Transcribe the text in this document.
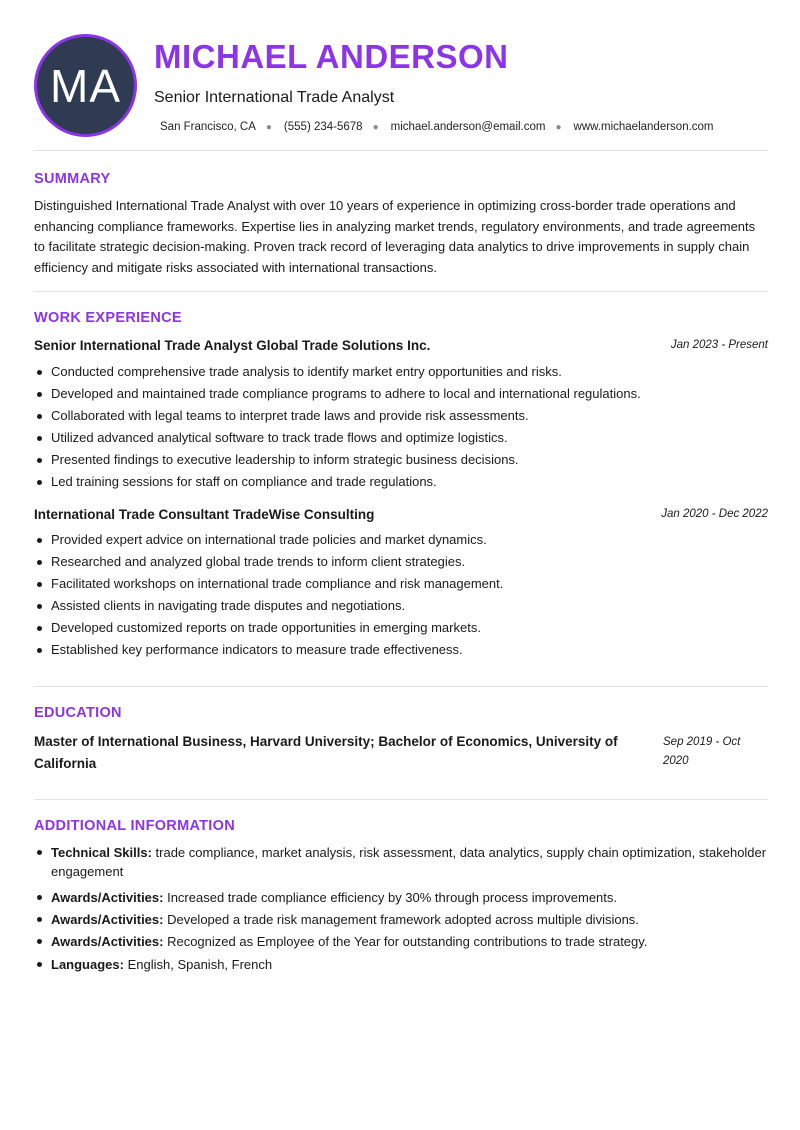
MA
MICHAEL ANDERSON
Senior International Trade Analyst
San Francisco, CA ● (555) 234-5678 ● michael.anderson@email.com ● www.michaelanderson.com
SUMMARY
Distinguished International Trade Analyst with over 10 years of experience in optimizing cross-border trade operations and enhancing compliance frameworks. Expertise lies in analyzing market trends, regulatory environments, and trade agreements to facilitate strategic decision-making. Proven track record of leveraging data analytics to drive improvements in supply chain efficiency and mitigate risks associated with international transactions.
WORK EXPERIENCE
Senior International Trade Analyst Global Trade Solutions Inc.	Jan 2023 - Present
Conducted comprehensive trade analysis to identify market entry opportunities and risks.
Developed and maintained trade compliance programs to adhere to local and international regulations.
Collaborated with legal teams to interpret trade laws and provide risk assessments.
Utilized advanced analytical software to track trade flows and optimize logistics.
Presented findings to executive leadership to inform strategic business decisions.
Led training sessions for staff on compliance and trade regulations.
International Trade Consultant TradeWise Consulting	Jan 2020 - Dec 2022
Provided expert advice on international trade policies and market dynamics.
Researched and analyzed global trade trends to inform client strategies.
Facilitated workshops on international trade compliance and risk management.
Assisted clients in navigating trade disputes and negotiations.
Developed customized reports on trade opportunities in emerging markets.
Established key performance indicators to measure trade effectiveness.
EDUCATION
Master of International Business, Harvard University; Bachelor of Economics, University of California
Sep 2019 - Oct 2020
ADDITIONAL INFORMATION
Technical Skills: trade compliance, market analysis, risk assessment, data analytics, supply chain optimization, stakeholder engagement
Awards/Activities: Increased trade compliance efficiency by 30% through process improvements.
Awards/Activities: Developed a trade risk management framework adopted across multiple divisions.
Awards/Activities: Recognized as Employee of the Year for outstanding contributions to trade strategy.
Languages: English, Spanish, French
